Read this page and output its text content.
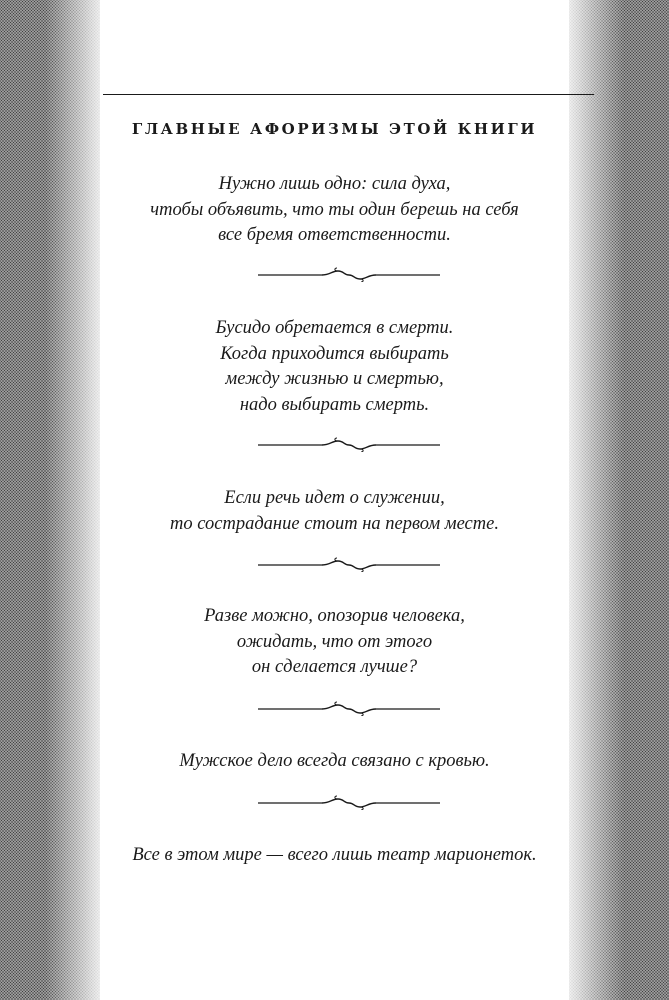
ГЛАВНЫЕ АФОРИЗМЫ ЭТОЙ КНИГИ
Нужно лишь одно: сила духа,
чтобы объявить, что ты один берешь на себя
все бремя ответственности.
Бусидо обретается в смерти.
Когда приходится выбирать
между жизнью и смертью,
надо выбирать смерть.
Если речь идет о служении,
то сострадание стоит на первом месте.
Разве можно, опозорив человека,
ожидать, что от этого
он сделается лучше?
Мужское дело всегда связано с кровью.
Все в этом мире — всего лишь театр марионеток.
